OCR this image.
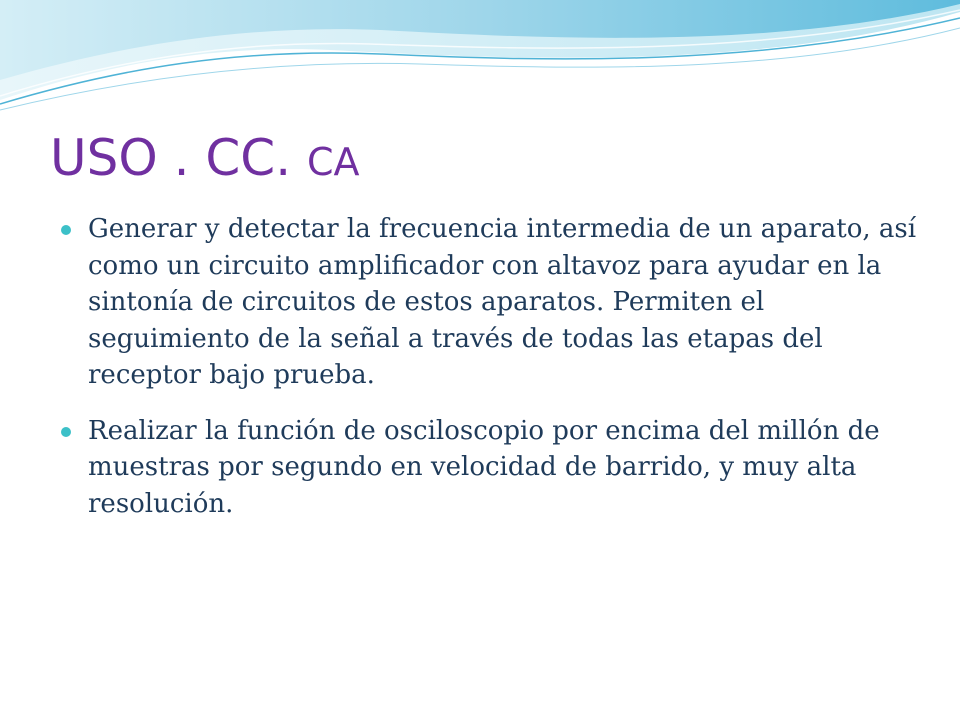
USO . CC. CA
Generar y detectar la frecuencia intermedia de un aparato, así como un circuito amplificador con altavoz para ayudar en la sintonía de circuitos de estos aparatos. Permiten el seguimiento de la señal a través de todas las etapas del receptor bajo prueba.
Realizar la función de osciloscopio por encima del millón de muestras por segundo en velocidad de barrido, y muy alta resolución.
